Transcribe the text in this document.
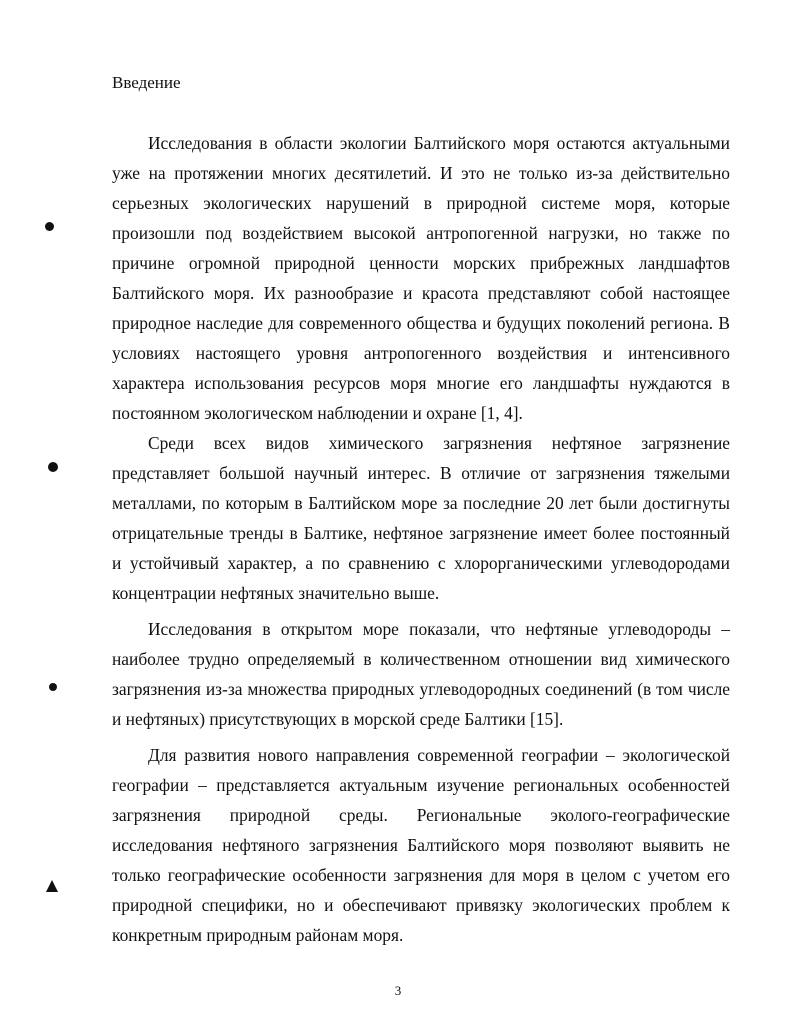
Введение

Исследования в области экологии Балтийского моря остаются актуальными уже на протяжении многих десятилетий. И это не только из-за действительно серьезных экологических нарушений в природной системе моря, которые произошли под воздействием высокой антропогенной нагрузки, но также по причине огромной природной ценности морских прибрежных ландшафтов Балтийского моря. Их разнообразие и красота представляют собой настоящее природное наследие для современного общества и будущих поколений региона. В условиях настоящего уровня антропогенного воздействия и интенсивного характера использования ресурсов моря многие его ландшафты нуждаются в постоянном экологическом наблюдении и охране [1, 4].

Среди всех видов химического загрязнения нефтяное загрязнение представляет большой научный интерес. В отличие от загрязнения тяжелыми металлами, по которым в Балтийском море за последние 20 лет были достигнуты отрицательные тренды в Балтике, нефтяное загрязнение имеет более постоянный и устойчивый характер, а по сравнению с хлорорганическими углеводородами концентрации нефтяных значительно выше.

Исследования в открытом море показали, что нефтяные углеводороды – наиболее трудно определяемый в количественном отношении вид химического загрязнения из-за множества природных углеводородных соединений (в том числе и нефтяных) присутствующих в морской среде Балтики [15].

Для развития нового направления современной географии – экологической географии – представляется актуальным изучение региональных особенностей загрязнения природной среды. Региональные эколого-географические исследования нефтяного загрязнения Балтийского моря позволяют выявить не только географические особенности загрязнения для моря в целом с учетом его природной специфики, но и обеспечивают привязку экологических проблем к конкретным природным районам моря.

3
